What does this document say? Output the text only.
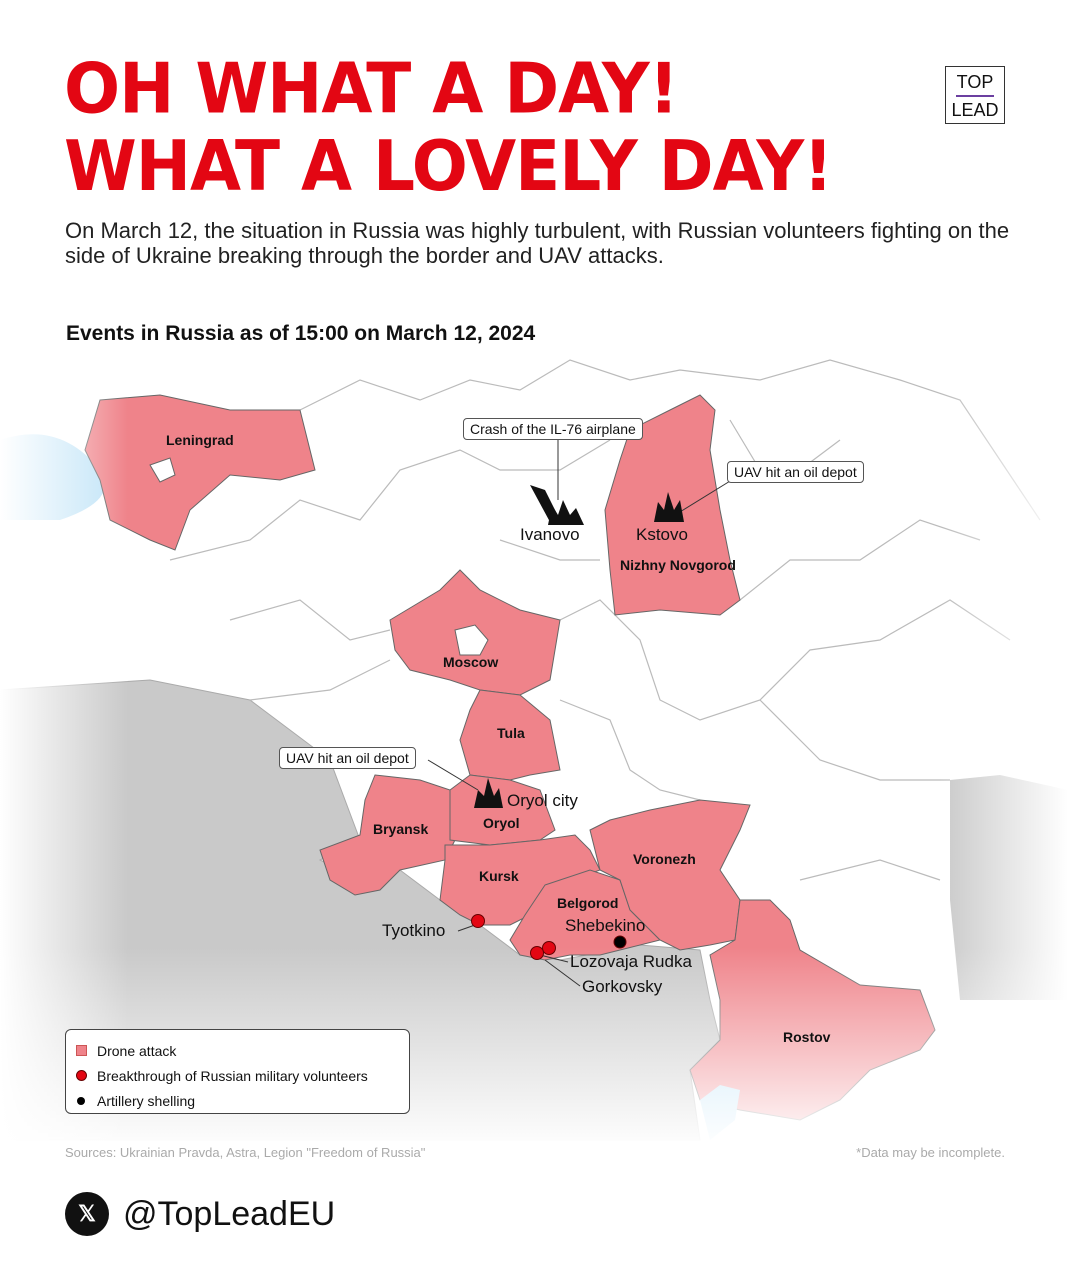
OH WHAT A DAY!
WHAT A LOVELY DAY!
TOP
LEAD
On March 12, the situation in Russia was highly turbulent, with Russian volunteers fighting on the side of Ukraine breaking through the border and UAV attacks.
Events in Russia as of 15:00 on March 12, 2024
Leningrad
Moscow
Tula
Nizhny Novgorod
Bryansk	Oryol
Kursk
Belgorod
Voronezh
Rostov
Ivanovo	Kstovo
Oryol city
Tyotkino	Shebekino
Lozovaja Rudka
Gorkovsky
Crash of the IL-76 airplane
UAV hit an oil depot
UAV hit an oil depot
Drone attack
Breakthrough of Russian military volunteers
Artillery shelling
Sources: Ukrainian Pravda, Astra, Legion "Freedom of Russia"	*Data may be incomplete.
𝕏 @TopLeadEU
